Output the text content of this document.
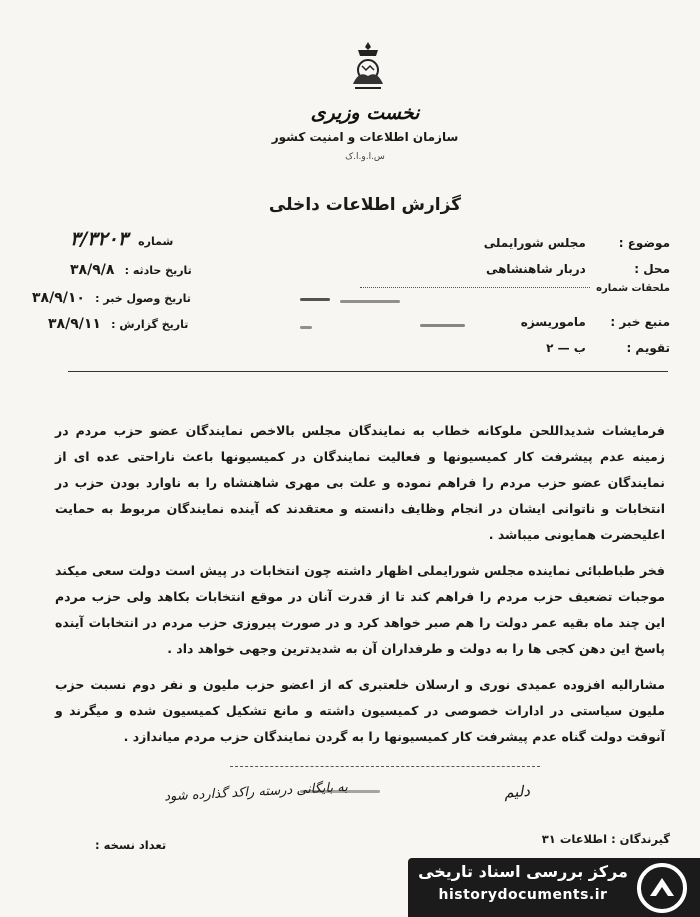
نخست وزیری
سازمان اطلاعات و امنیت کشور
س.ا.و.ا.ک
گزارش اطلاعات داخلی
موضوع : مجلس شورایملی
محل : دربار شاهنشاهی
ملحقات شماره
منبع خبر : ماموریسزه
تقویم : ب — ۲
شماره ۳/۳۲۰۳
تاریخ حادثه : ۳۸/۹/۸
تاریخ وصول خبر : ۳۸/۹/۱۰
تاریخ گزارش : ۳۸/۹/۱۱

فرمایشات شدیداللحن ملوکانه خطاب به نمایندگان مجلس بالاخص نمایندگان عضو حزب مردم در زمینه عدم پیشرفت کار کمیسیونها و فعالیت نمایندگان در کمیسیونها باعث ناراحتی عده ای از نمایندگان عضو حزب مردم را فراهم نموده و علت بی مهری شاهنشاه را به ناوارد بودن حزب در انتخابات و ناتوانی ایشان در انجام وظایف دانسته و معتقدند که آینده نمایندگان مربوط به حمایت اعلیحضرت همایونی میباشد .

فخر طباطبائی نماینده مجلس شورایملی اظهار داشته چون انتخابات در پیش است دولت سعی میکند موجبات تضعیف حزب مردم را فراهم کند تا از قدرت آنان در موقع انتخابات بکاهد ولی حزب مردم این چند ماه بقیه عمر دولت را هم صبر خواهد کرد و در صورت پیروزی حزب مردم در انتخابات آینده پاسخ این دهن کجی ها را به دولت و طرفداران آن به شدیدترین وجهی خواهد داد .

مشارالیه افزوده عمیدی نوری و ارسلان خلعتبری که از اعضو حزب ملیون و نفر دوم نسبت حزب ملیون سیاستی در ادارات خصوصی در کمیسیون داشته و مانع تشکیل کمیسیون شده و میگرند و آنوقت دولت گناه عدم پیشرفت کار کمیسیونها را به گردن نمایندگان حزب مردم میاندازد .

به بایگانی درسته راکد گذارده شود	دلیم
گیرندگان : اطلاعات ۳۱
تعداد نسخه :
مرکز بررسی اسناد تاریخی
historydocuments.ir
